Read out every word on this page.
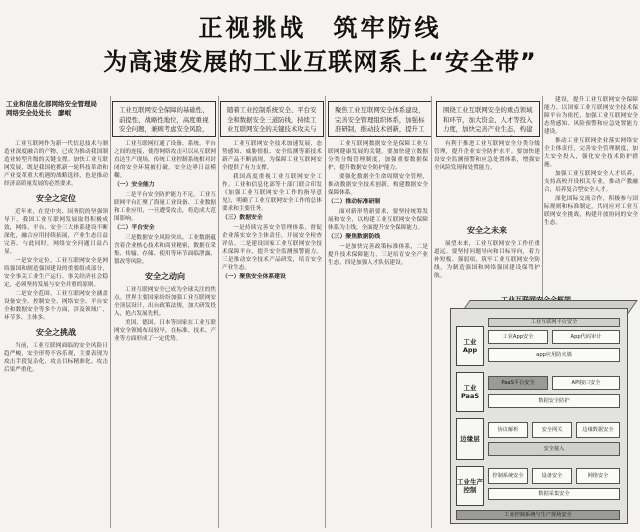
正视挑战　筑牢防线
为高速发展的工业互联网系上“安全带”
工业和信息化部网络安全管理局
网络安全处处长　廖岷	工业互联网安全保障的基础性、前提性、战略性地位，高度重视安全问题，兼顾考虑安全风险，
随着工业控制系统安全、平台安全和数据安全三道防线，持续工业互联网安全的关键技术攻关与
聚焦工业互联网安全体系建设，完善安全管理组织体系，加强标准研制，推动技术创新，提升工
围绕工业互联网安全的重点领域和环节，加大资金、人才等投入力度，加快完善产业生态，构建

工业互联网作为新一代信息技术与制造业深度融合的产物，已成为推动我国制造业转型升级的关键支撑。加快工业互联网发展，既是我国抢抓新一轮科技革命和产业变革重大机遇的战略选择，也是推动经济高质量发展的必然要求。

安全之定位

近年来，在党中央、国务院的坚强领导下，我国工业互联网发展取得积极成效，网络、平台、安全三大体系建设不断深化，融合应用持续拓展，产业生态日益完善。与此同时，网络安全问题日益凸显。

一是安全定位。工业互联网安全是网络强国和制造强国建设的重要组成部分，安全事关工业生产运行、事关经济社会稳定，必须坚持发展与安全并重的原则。

二是安全范围。工业互联网安全涵盖设备安全、控制安全、网络安全、平台安全和数据安全等多个方面，涉及领域广、环节多、主体多。

安全之挑战

当前，工业互联网面临的安全风险日趋严峻，安全形势不容乐观，主要表现为攻击手段复杂化、攻击目标精准化、攻击后果严重化。

工业互联网打通了设备、系统、平台之间的连接，使得网络攻击可以从互联网直达生产现场，传统工业控制系统相对封闭的安全环境被打破，安全边界日益模糊。

（一）安全能力

二是平台安全防护能力不足。工业互联网平台汇聚了海量工业设备、工业数据和工业应用，一旦遭受攻击，将造成大范围影响。

（二）平台安全

三是数据安全风险突出。工业数据蕴含着企业核心技术和商业秘密，数据在采集、传输、存储、使用等环节面临泄露、篡改等风险。

安全之动向

工业互联网安全已成为全球关注的焦点。世界主要国家纷纷加强工业互联网安全顶层设计，出台政策法规，加大研发投入，抢占发展先机。

美国、德国、日本等国家在工业互联网安全领域布局较早，在标准、技术、产业等方面形成了一定优势。

工业互联网安全技术加速发展，态势感知、威胁情报、安全监测等新技术新产品不断涌现，为保障工业互联网安全提供了有力支撑。

我国高度重视工业互联网安全工作。工业和信息化部等十部门联合印发《加强工业互联网安全工作的指导意见》，明确了工业互联网安全工作的总体要求和主要任务。

（三）数据安全

一是持续完善安全管理体系，督促企业落实安全主体责任，开展安全检查评估。二是建设国家工业互联网安全技术保障平台，提升安全监测预警能力。三是推动安全技术产品研发，培育安全产业生态。

（一）聚焦安全体系建设

工业互联网数据安全是保障工业互联网健康发展的关键。要加快建立数据分类分级管理制度，加强重要数据保护，提升数据安全防护能力。

要强化数据全生命周期安全管理，推动数据安全技术创新，构建数据安全保障体系。

（二）推动标准研制

面对新形势新要求，要坚持统筹发展和安全，以构建工业互联网安全保障体系为主线，全面提升安全保障能力。

（三）聚焦数据防线

一是加快完善政策标准体系，二是提升技术保障能力，三是培育安全产业生态，四是加强人才队伍建设。

有利于推进工业互联网安全分类分级管理，提升企业安全防护水平。要加快建设安全监测预警和应急处置体系，增强安全风险发现和处置能力。

安全之未来

展望未来，工业互联网安全工作任重道远。要坚持问题导向和目标导向，着力补短板、强弱项，筑牢工业互联网安全防线，为制造强国和网络强国建设保驾护航。

建设，提升工业互联网安全保障能力。以国家工业互联网安全技术保障平台为依托，加强工业互联网安全态势感知、风险预警和应急处置能力建设。

推动工业互联网企业落实网络安全主体责任，完善安全管理制度，加大安全投入，强化安全技术防护措施。

加强工业互联网安全人才培养，支持高校开设相关专业，推动产教融合，培养复合型安全人才。

深化国际交流合作，积极参与国际规则和标准制定，共同应对工业互联网安全挑战，构建开放协同的安全生态。

工业App
工业PaaS
边缘层
工业生产控制
工业互联网平台安全
工业App安全	App代码审计
app应用防火墙
PaaS平台安全	API接口安全
数据安全防护
协议解析	安全网关	边缘数据安全
安全接入
控制系统安全	设备安全	网络安全
数据采集安全
工业控制系统与生产现场安全
